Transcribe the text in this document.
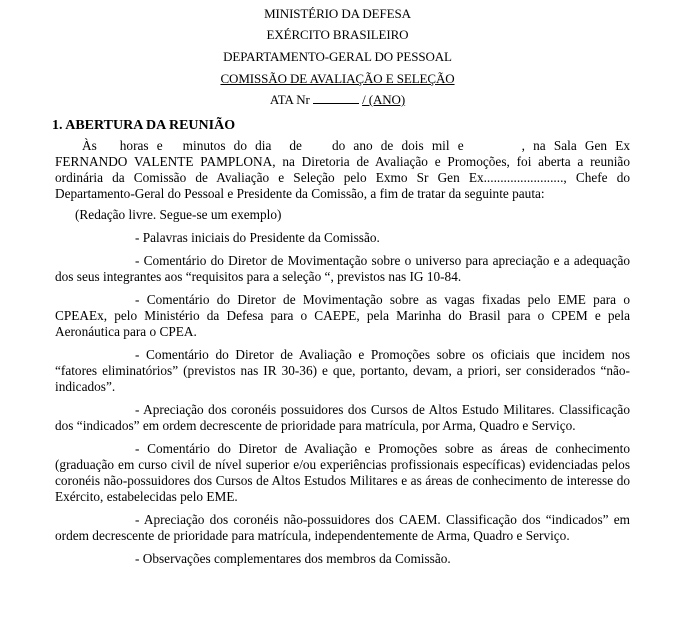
MINISTÉRIO DA DEFESA
EXÉRCITO BRASILEIRO
DEPARTAMENTO-GERAL DO PESSOAL
COMISSÃO DE AVALIAÇÃO E SELEÇÃO
ATA Nr	/ (ANO)
1. ABERTURA DA REUNIÃO

Às horas e minutos do dia de do ano de dois mil e	, na Sala Gen Ex FERNANDO VALENTE PAMPLONA, na Diretoria de Avaliação e Promoções, foi aberta a reunião ordinária da Comissão de Avaliação e Seleção pelo Exmo Sr Gen Ex........................, Chefe do Departamento-Geral do Pessoal e Presidente da Comissão, a fim de tratar da seguinte pauta:

(Redação livre. Segue-se um exemplo)

- Palavras iniciais do Presidente da Comissão.

- Comentário do Diretor de Movimentação sobre o universo para apreciação e a adequação dos seus integrantes aos “requisitos para a seleção “, previstos nas IG 10-84.

- Comentário do Diretor de Movimentação sobre as vagas fixadas pelo EME para o CPEAEx, pelo Ministério da Defesa para o CAEPE, pela Marinha do Brasil para o CPEM e pela Aeronáutica para o CPEA.

- Comentário do Diretor de Avaliação e Promoções sobre os oficiais que incidem nos “fatores eliminatórios” (previstos nas IR 30-36) e que, portanto, devam, a priori, ser considerados “não-indicados”.

- Apreciação dos coronéis possuidores dos Cursos de Altos Estudo Militares. Classificação dos “indicados” em ordem decrescente de prioridade para matrícula, por Arma, Quadro e Serviço.

- Comentário do Diretor de Avaliação e Promoções sobre as áreas de conhecimento (graduação em curso civil de nível superior e/ou experiências profissionais específicas) evidenciadas pelos coronéis não-possuidores dos Cursos de Altos Estudos Militares e as áreas de conhecimento de interesse do Exército, estabelecidas pelo EME.

- Apreciação dos coronéis não-possuidores dos CAEM. Classificação dos “indicados” em ordem decrescente de prioridade para matrícula, independentemente de Arma, Quadro e Serviço.

- Observações complementares dos membros da Comissão.
